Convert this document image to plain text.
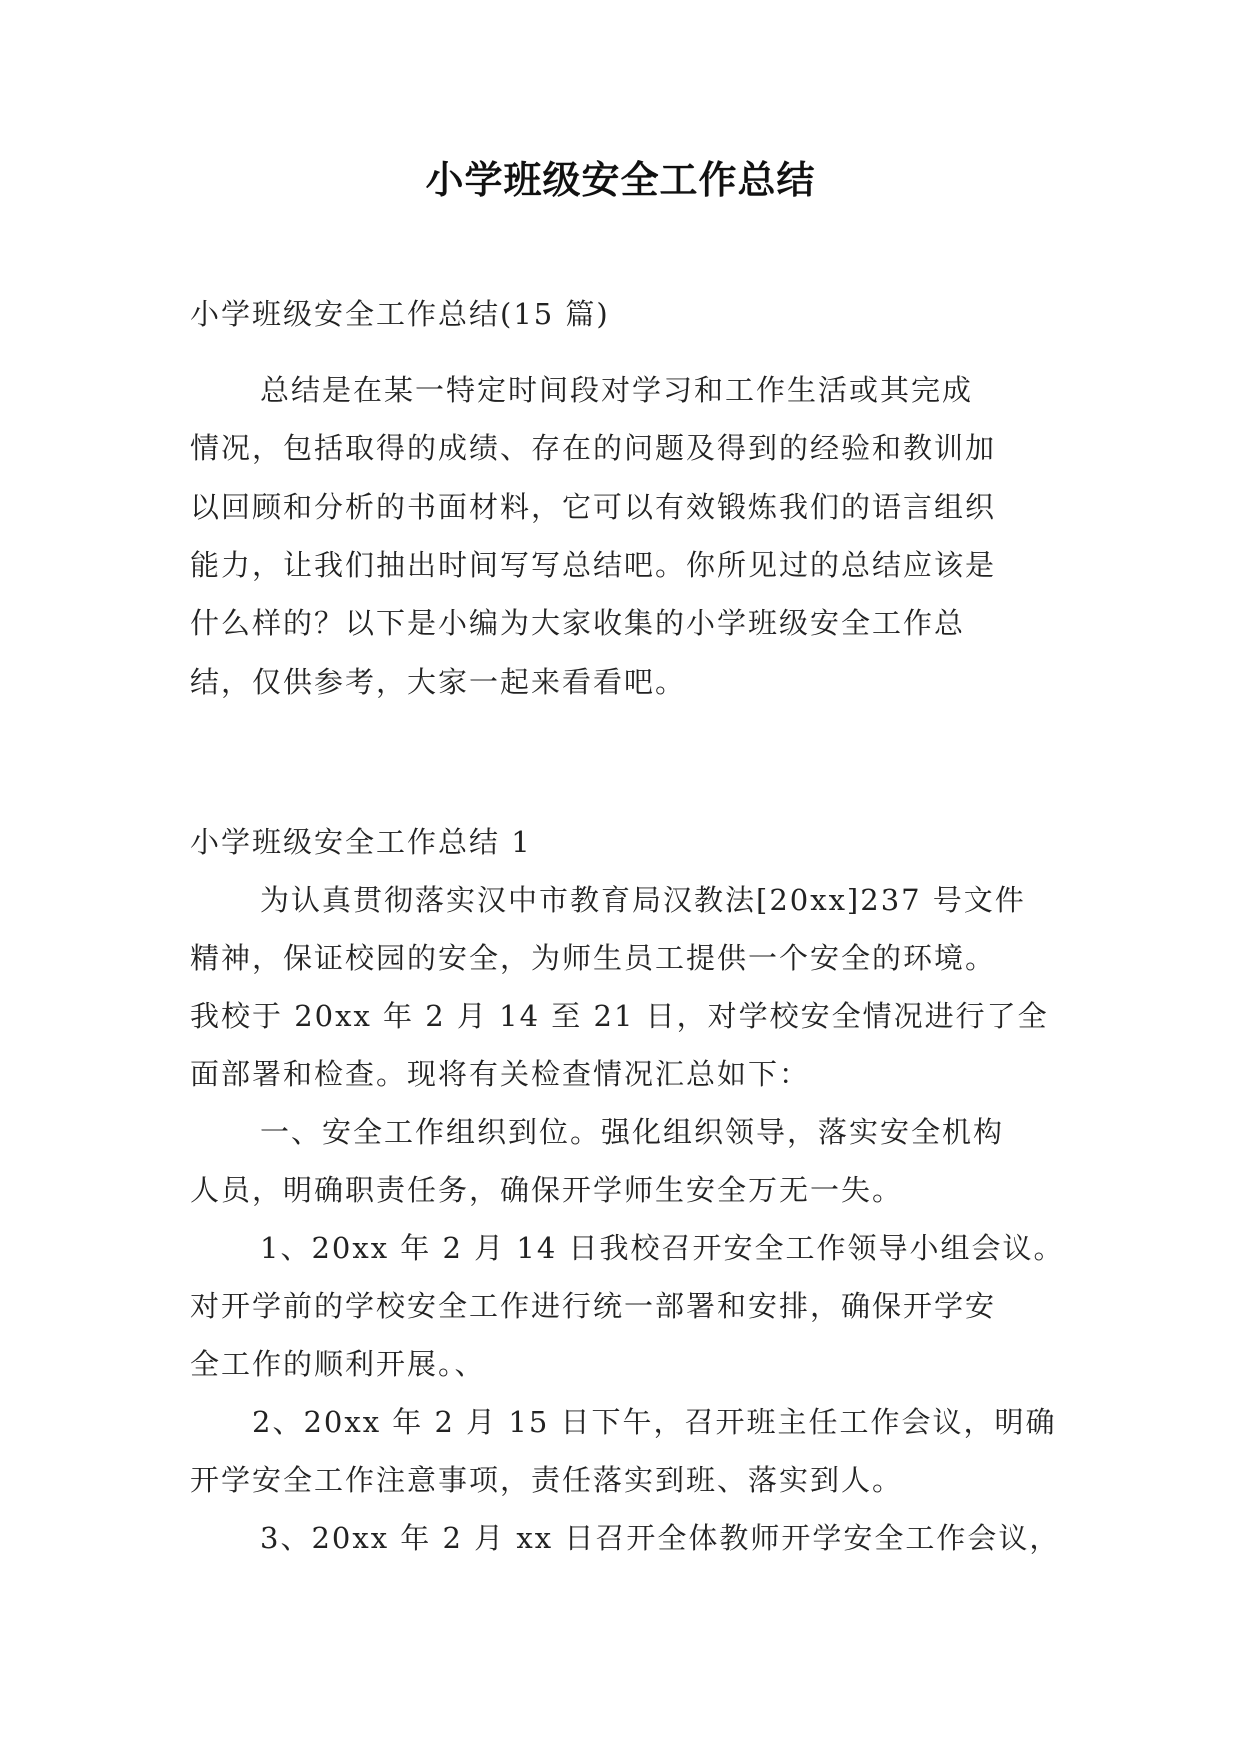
小学班级安全工作总结
小学班级安全工作总结(15 篇)
总结是在某一特定时间段对学习和工作生活或其完成
情况，包括取得的成绩、存在的问题及得到的经验和教训加
以回顾和分析的书面材料，它可以有效锻炼我们的语言组织
能力，让我们抽出时间写写总结吧。你所见过的总结应该是
什么样的？以下是小编为大家收集的小学班级安全工作总
结，仅供参考，大家一起来看看吧。
小学班级安全工作总结 1
为认真贯彻落实汉中市教育局汉教法[20xx]237 号文件
精神，保证校园的安全，为师生员工提供一个安全的环境。
我校于 20xx 年 2 月 14 至 21 日，对学校安全情况进行了全
面部署和检查。现将有关检查情况汇总如下：
一、安全工作组织到位。强化组织领导，落实安全机构
人员，明确职责任务，确保开学师生安全万无一失。
1、20xx 年 2 月 14 日我校召开安全工作领导小组会议。
对开学前的学校安全工作进行统一部署和安排，确保开学安
全工作的顺利开展。、
2、20xx 年 2 月 15 日下午，召开班主任工作会议，明确
开学安全工作注意事项，责任落实到班、落实到人。
3、20xx 年 2 月 xx 日召开全体教师开学安全工作会议，
